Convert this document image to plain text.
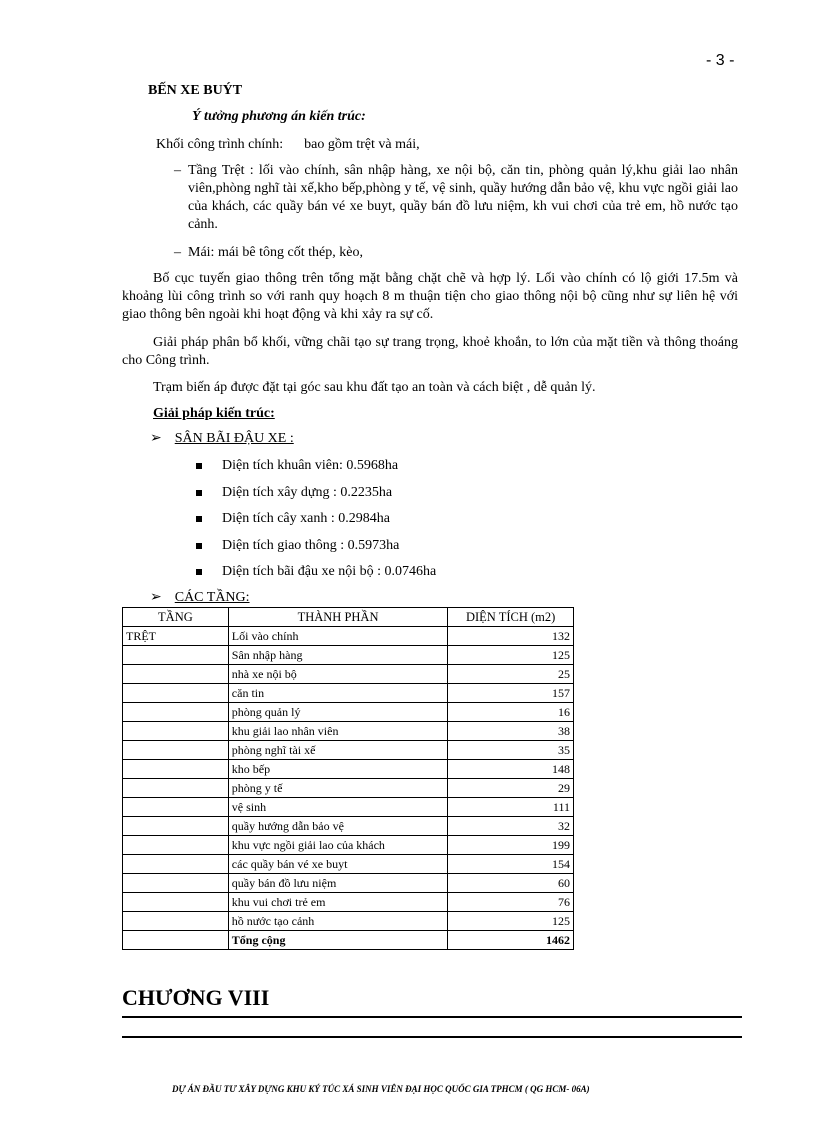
- 3 -
BẾN XE BUÝT
Ý tưởng phương án kiến trúc:
Khối công trình chính: bao gồm trệt và mái,
– Tầng Trệt : lối vào chính, sân nhập hàng, xe nội bộ, căn tin, phòng quản lý,khu giải lao nhân viên,phòng nghĩ tài xế,kho bếp,phòng y tế, vệ sinh, quầy hướng dẫn bảo vệ, khu vực ngồi giải lao của khách, các quầy bán vé xe buyt, quầy bán đồ lưu niệm, kh vui chơi của trẻ em, hồ nước tạo cảnh.
– Mái: mái bê tông cốt thép, kèo,
Bố cục tuyến giao thông trên tổng mặt bằng chặt chẽ và hợp lý. Lối vào chính có lộ giới 17.5m và khoảng lùi công trình so với ranh quy hoạch 8 m thuận tiện cho giao thông nội bộ cũng như sự liên hệ với giao thông bên ngoài khi hoạt động và khi xảy ra sự cố.
Giải pháp phân bổ khối, vững chãi tạo sự trang trọng, khoẻ khoắn, to lớn của mặt tiền và thông thoáng cho Công trình.
Trạm biến áp được đặt tại góc sau khu đất tạo an toàn và cách biệt , dễ quản lý.
Giải pháp kiến trúc:
➢ SÂN BÃI ĐẬU XE :
Diện tích khuân viên: 0.5968ha
Diện tích xây dựng : 0.2235ha
Diện tích cây xanh : 0.2984ha
Diện tích giao thông : 0.5973ha
Diện tích bãi đậu xe nội bộ : 0.0746ha
➢ CÁC TẦNG:
TẦNG	THÀNH PHẦN	DIỆN TÍCH (m2)
TRỆT	Lối vào chính	132
	Sân nhập hàng	125
	nhà xe nội bộ	25
	căn tin	157
	phòng quản lý	16
	khu giải lao nhân viên	38
	phòng nghĩ tài xế	35
	kho bếp	148
	phòng y tế	29
	vệ sinh	111
	quầy hướng dẫn bảo vệ	32
	khu vực ngồi giải lao của khách	199
	các quầy bán vé xe buyt	154
	quầy bán đồ lưu niệm	60
	khu vui chơi trẻ em	76
	hồ nước tạo cảnh	125
	Tổng cộng	1462
CHƯƠNG VIII
DỰ ÁN ĐẦU TƯ XÂY DỰNG KHU KÝ TÚC XÁ SINH VIÊN ĐẠI HỌC QUỐC GIA TPHCM ( QG HCM- 06A)
